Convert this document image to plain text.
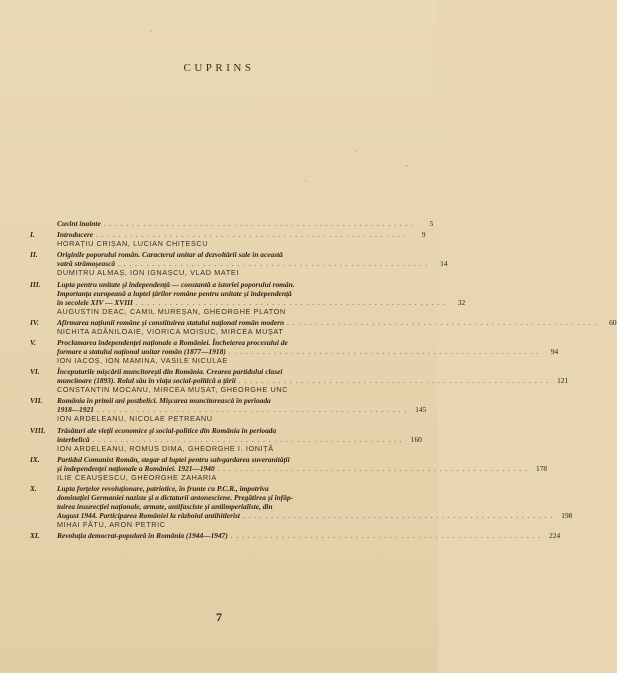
CUPRINS
Cuvînt înainte . . . . . . . . . . . . . . . . . . . . . . . . . . . . . . . . . . . . . . . . . . . . . . . . . . . . . . .	5
I.	Introducere . . . . . . . . . . . . . . . . . . . . . . . . . . . . . . . . . . . . . . . . . . . . . . . . . . . . . . .	9
HORAȚIU CRIȘAN, LUCIAN CHIȚESCU
II.	Originile poporului român. Caracterul unitar al dezvoltării sale în această
vatră strămoșească . . . . . . . . . . . . . . . . . . . . . . . . . . . . . . . . . . . . . . . . . . . . . . . . . . . . . . .	14
DUMITRU ALMAȘ, ION IGNAȘCU, VLAD MATEI
III.	Lupta pentru unitate și independență — constantă a istoriei poporului român.
Importanța europeană a luptei țărilor române pentru unitate și independență
în secolele XIV — XVIII . . . . . . . . . . . . . . . . . . . . . . . . . . . . . . . . . . . . . . . . . . . . . . . . . . . . . . .	32
AUGUSTIN DEAC, CAMIL MUREȘAN, GHEORGHE PLATON
IV.	Afirmarea națiunii române și constituirea statului național român modern . . . . . . . . . . . . . . . . . . . . . . . . . . . . . . . . . . . . . . . . . . . . . . . . . . . . . . .	60
NICHITA ADĂNILOAIE, VIORICA MOISUC, MIRCEA MUȘAT
V.	Proclamarea independenței naționale a României. Încheierea procesului de
formare a statului național unitar român (1877—1918) . . . . . . . . . . . . . . . . . . . . . . . . . . . . . . . . . . . . . . . . . . . . . . . . . . . . . . .	94
ION IACOȘ, ION MAMINA, VASILE NICULAE
VI.	Începuturile mișcării muncitorești din România. Crearea partidului clasei
muncitoare (1893). Rolul său în viața social-politică a țării . . . . . . . . . . . . . . . . . . . . . . . . . . . . . . . . . . . . . . . . . . . . . . . . . . . . . . .	121
CONSTANTIN MOCANU, MIRCEA MUȘAT, GHEORGHE UNC
VII.	România în primii ani postbelici. Mișcarea muncitorească în perioada
1918—1921 . . . . . . . . . . . . . . . . . . . . . . . . . . . . . . . . . . . . . . . . . . . . . . . . . . . . . . .	145
ION ARDELEANU, NICOLAE PETREANU
VIII.	Trăsături ale vieții economice și social-politice din România în perioada
interbelică . . . . . . . . . . . . . . . . . . . . . . . . . . . . . . . . . . . . . . . . . . . . . . . . . . . . . . .	160
ION ARDELEANU, ROMUS DIMA, GHEORGHE I. IONIȚĂ
IX.	Partidul Comunist Român, stegar al luptei pentru salvgardarea suveranității
și independenței naționale a României. 1921—1940 . . . . . . . . . . . . . . . . . . . . . . . . . . . . . . . . . . . . . . . . . . . . . . . . . . . . . . .	178
ILIE CEAUȘESCU, GHEORGHE ZAHARIA
X.	Lupta forțelor revoluționare, patriotice, în frunte cu P.C.R., împotriva
dominației Germaniei naziste și a dictaturii antonesciene. Pregătirea și înfăp-
tuirea insurecției naționale, armate, antifasciste și antiimperialiste, din
August 1944. Participarea României la războiul antihitlerist . . . . . . . . . . . . . . . . . . . . . . . . . . . . . . . . . . . . . . . . . . . . . . . . . . . . . . .	198
MIHAI FĂTU, ARON PETRIC
XI.	Revoluția democrat-populară în România (1944—1947) . . . . . . . . . . . . . . . . . . . . . . . . . . . . . . . . . . . . . . . . . . . . . . . . . . . . . . .	224
7
